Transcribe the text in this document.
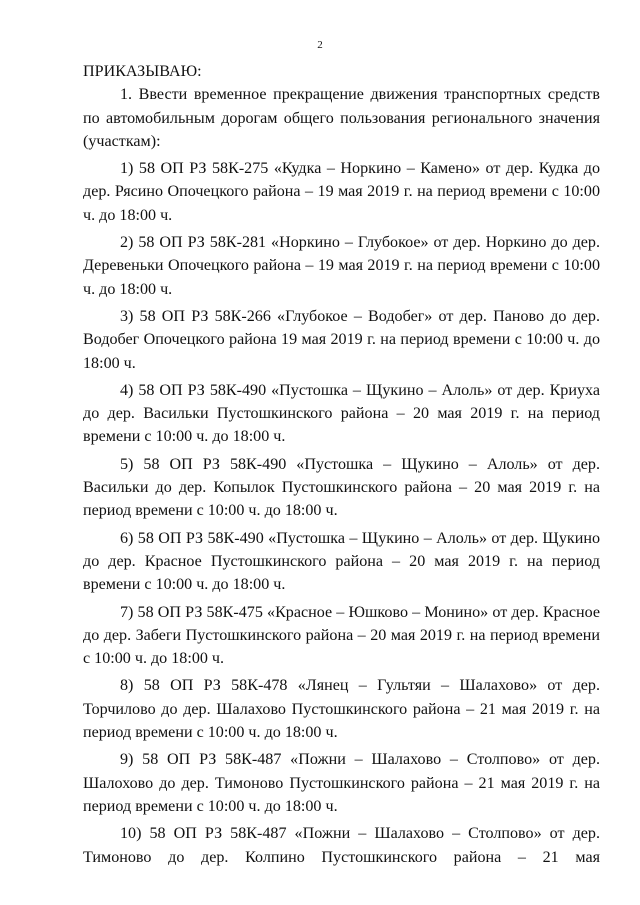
2

ПРИКАЗЫВАЮ:

1. Ввести временное прекращение движения транспортных средств по автомобильным дорогам общего пользования регионального значения (участкам):

1) 58 ОП РЗ 58К-275 «Кудка – Норкино – Камено» от дер. Кудка до дер. Рясино Опочецкого района – 19 мая 2019 г. на период времени с 10:00 ч. до 18:00 ч.

2) 58 ОП РЗ 58К-281 «Норкино – Глубокое» от дер. Норкино до дер. Деревеньки Опочецкого района – 19 мая 2019 г. на период времени с 10:00 ч. до 18:00 ч.

3) 58 ОП РЗ 58К-266 «Глубокое – Водобег» от дер. Паново до дер. Водобег Опочецкого района 19 мая 2019 г. на период времени с 10:00 ч. до 18:00 ч.

4) 58 ОП РЗ 58К-490 «Пустошка – Щукино – Алоль» от дер. Криуха до дер. Васильки Пустошкинского района – 20 мая 2019 г. на период времени с 10:00 ч. до 18:00 ч.

5) 58 ОП РЗ 58К-490 «Пустошка – Щукино – Алоль» от дер. Васильки до дер. Копылок Пустошкинского района – 20 мая 2019 г. на период времени с 10:00 ч. до 18:00 ч.

6) 58 ОП РЗ 58К-490 «Пустошка – Щукино – Алоль» от дер. Щукино до дер. Красное Пустошкинского района – 20 мая 2019 г. на период времени с 10:00 ч. до 18:00 ч.

7) 58 ОП РЗ 58К-475 «Красное – Юшково – Монино» от дер. Красное до дер. Забеги Пустошкинского района – 20 мая 2019 г. на период времени с 10:00 ч. до 18:00 ч.

8) 58 ОП РЗ 58К-478 «Лянец – Гультяи – Шалахово» от дер. Торчилово до дер. Шалахово Пустошкинского района – 21 мая 2019 г. на период времени с 10:00 ч. до 18:00 ч.

9) 58 ОП РЗ 58К-487 «Пожни – Шалахово – Столпово» от дер. Шалохово до дер. Тимоново Пустошкинского района – 21 мая 2019 г. на период времени с 10:00 ч. до 18:00 ч.

10) 58 ОП РЗ 58К-487 «Пожни – Шалахово – Столпово» от дер. Тимоново до дер. Колпино Пустошкинского района – 21 мая
